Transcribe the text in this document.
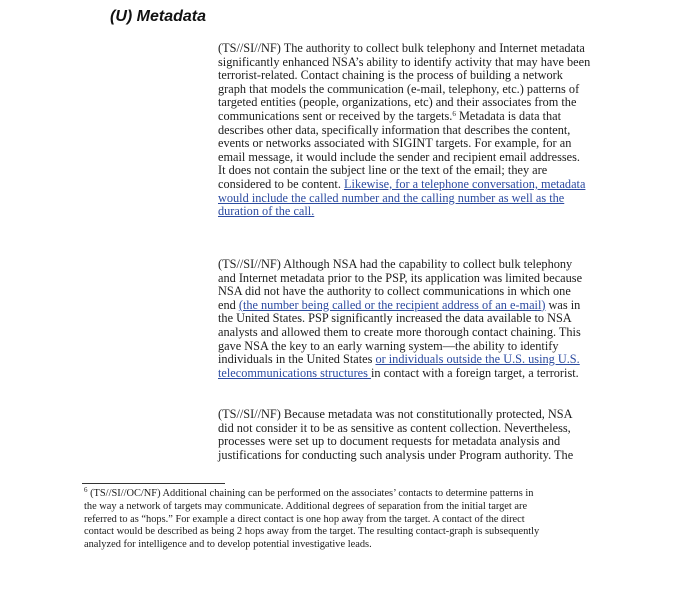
(U) Metadata
(TS//SI//NF) The authority to collect bulk telephony and Internet metadata
significantly enhanced NSA’s ability to identify activity that may have been
terrorist-related. Contact chaining is the process of building a network
graph that models the communication (e-mail, telephony, etc.) patterns of
targeted entities (people, organizations, etc) and their associates from the
communications sent or received by the targets.$^6$ Metadata is data that
describes other data, specifically information that describes the content,
events or networks associated with SIGINT targets. For example, for an
email message, it would include the sender and recipient email addresses.
It does not contain the subject line or the text of the email; they are
considered to be content. Likewise, for a telephone conversation, metadata
would include the called number and the calling number as well as the
duration of the call.
(TS//SI//NF) Although NSA had the capability to collect bulk telephony
and Internet metadata prior to the PSP, its application was limited because
NSA did not have the authority to collect communications in which one
end (the number being called or the recipient address of an e-mail) was in
the United States. PSP significantly increased the data available to NSA
analysts and allowed them to create more thorough contact chaining. This
gave NSA the key to an early warning system—the ability to identify
individuals in the United States or individuals outside the U.S. using U.S.
telecommunications structures in contact with a foreign target, a terrorist.
(TS//SI//NF) Because metadata was not constitutionally protected, NSA
did not consider it to be as sensitive as content collection. Nevertheless,
processes were set up to document requests for metadata analysis and
justifications for conducting such analysis under Program authority. The
$^6$ (TS//SI//OC/NF) Additional chaining can be performed on the associates’ contacts to determine patterns in
the way a network of targets may communicate. Additional degrees of separation from the initial target are
referred to as “hops.” For example a direct contact is one hop away from the target. A contact of the direct
contact would be described as being 2 hops away from the target. The resulting contact-graph is subsequently
analyzed for intelligence and to develop potential investigative leads.
